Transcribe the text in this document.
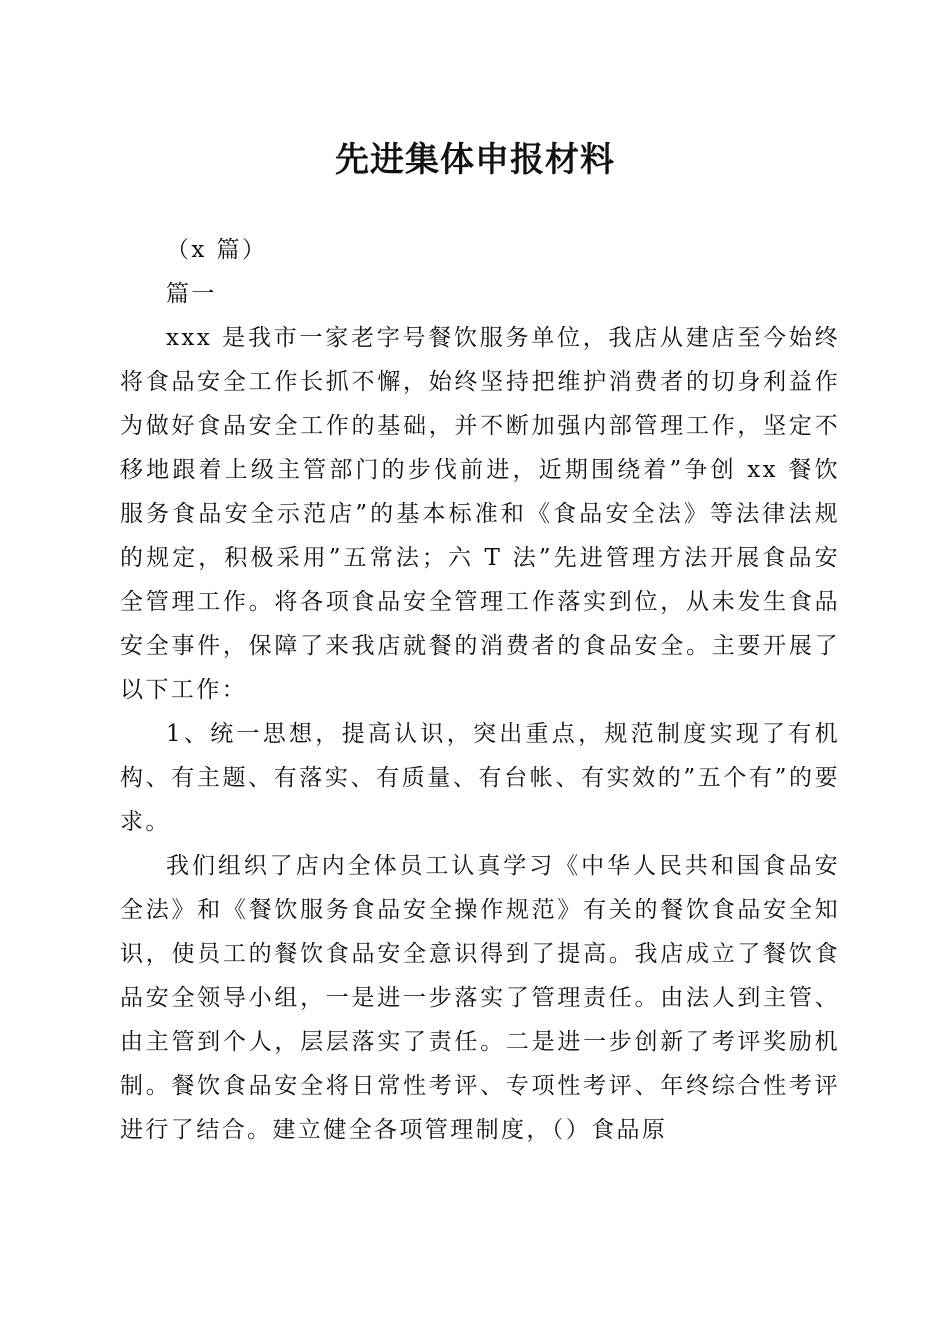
先进集体申报材料

（x 篇）

篇一

xxx 是我市一家老字号餐饮服务单位，我店从建店至今始终将食品安全工作长抓不懈，始终坚持把维护消费者的切身利益作为做好食品安全工作的基础，并不断加强内部管理工作，坚定不移地跟着上级主管部门的步伐前进，近期围绕着”争创 xx 餐饮服务食品安全示范店”的基本标准和《食品安全法》等法律法规的规定，积极采用”五常法；六 T 法”先进管理方法开展食品安全管理工作。将各项食品安全管理工作落实到位，从未发生食品安全事件，保障了来我店就餐的消费者的食品安全。主要开展了以下工作：

1、统一思想，提高认识，突出重点，规范制度实现了有机构、有主题、有落实、有质量、有台帐、有实效的”五个有”的要求。

我们组织了店内全体员工认真学习《中华人民共和国食品安全法》和《餐饮服务食品安全操作规范》有关的餐饮食品安全知识，使员工的餐饮食品安全意识得到了提高。我店成立了餐饮食品安全领导小组，一是进一步落实了管理责任。由法人到主管、由主管到个人，层层落实了责任。二是进一步创新了考评奖励机制。餐饮食品安全将日常性考评、专项性考评、年终综合性考评进行了结合。建立健全各项管理制度，（）食品原
